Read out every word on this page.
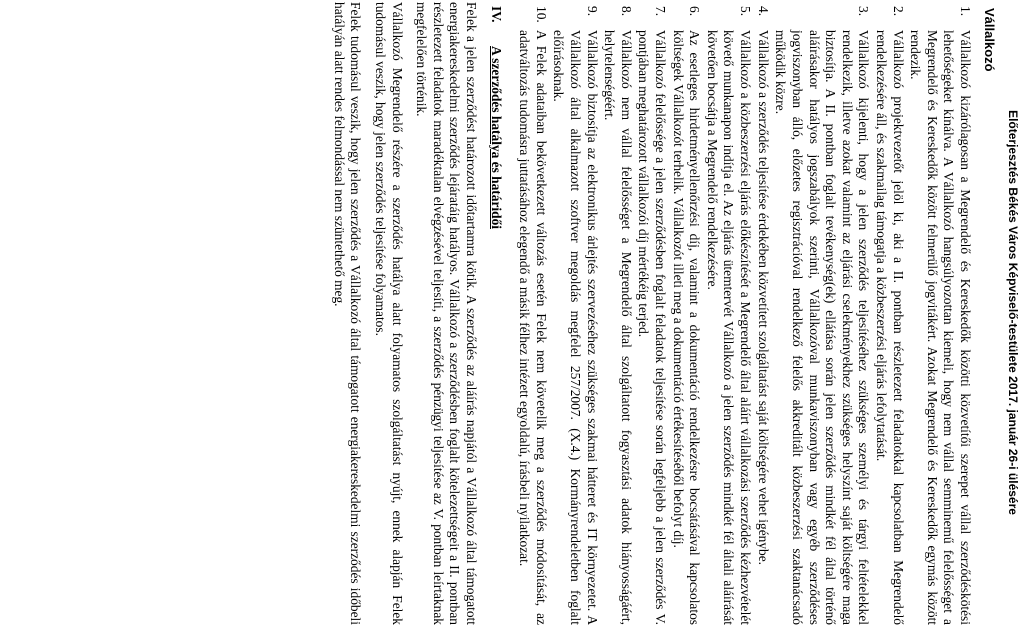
Előterjesztés Békés Város Képviselő-testülete 2017. január 26-i ülésére
Vállalkozó
1.
Vállalkozó kizárólagosan a Megrendelő és Kereskedők közötti közvetítői szerepet vállal szerződéskötési lehetőségeket kínálva. A Vállalkozó hangsúlyozottan kiemeli, hogy nem vállal semminemű felelősséget a Megrendelő és Kereskedők között felmerülő jogvitákért. Azokat Megrendelő és Kereskedők egymás között rendezik.
2.
Vállalkozó projektvezetőt jelöl ki, aki a II. pontban részletezett feladatokkal kapcsolatban Megrendelő rendelkezésére áll, és szakmailag támogatja a közbeszerzési eljárás lefolytatását.
3.
Vállalkozó kijelenti, hogy a jelen szerződés teljesítéséhez szükséges személyi és tárgyi feltételekkel rendelkezik, illetve azokat valamint az eljárási cselekményekhez szükséges helyszínt saját költségére maga biztosítja. A II. pontban foglalt tevékenység(ek) ellátása során jelen szerződés mindkét fél által történő aláírásakor hatályos jogszabályok szerinti, Vállalkozóval munkaviszonyban vagy egyéb szerződéses jogviszonyban álló, előzetes regisztrációval rendelkező felelős akkreditált közbeszerzési szaktanácsadó működik közre.
4.
Vállalkozó a szerződés teljesítése érdekében közvetített szolgáltatást saját költségére vehet igénybe.
5.
Vállalkozó a közbeszerzési eljárás előkészítését a Megrendelő által aláírt vállalkozási szerződés kézhezvételét követő munkanapon indítja el. Az eljárás ütemtervét Vállalkozó a jelen szerződés mindkét fél általi aláírását követően bocsátja a Megrendelő rendelkezésére.
6.
Az esetleges hirdetményellenőrzési díj, valamint a dokumentáció rendelkezésre bocsátásával kapcsolatos költségek Vállalkozót terhelik. Vállalkozót illeti meg a dokumentáció értékesítéséből befolyt díj.
7.
Vállalkozó felelőssége a jelen szerződésben foglalt feladatok teljesítése során legfeljebb a jelen szerződés V. pontjában meghatározott vállalkozói díj mértékéig terjed.
8.
Vállalkozó nem vállal felelősséget a Megrendelő által szolgáltatott fogyasztási adatok hiányosságáért, helytelenségéért.
9.
Vállalkozó biztosítja az elektronikus árlejtés szervezéséhez szükséges szakmai hátteret és IT környezetet. A Vállalkozó által alkalmazott szoftver megoldás megfelel 257/2007. (X.4.) Kormányrendeletben foglalt előírásoknak.
10.
A Felek adataiban bekövetkezett változás esetén Felek nem követelik meg a szerződés módosítását, az adatváltozás tudomásra juttatásához elegendő a másik félhez intézett egyoldalú, írásbeli nyilatkozat.
IV.
A szerződés hatálya és határidői

Felek a jelen szerződést határozott időtartamra kötik. A szerződés az aláírás napjától a Vállalkozó által támogatott energiakereskedelmi szerződés lejáratáig hatályos. Vállalkozó a szerződésben foglalt kötelezettségeit a II. pontban részletezett feladatok maradéktalan elvégzésével teljesíti, a szerződés pénzügyi teljesítése az V. pontban leírtaknak megfelelően történik.

Vállalkozó Megrendelő részére a szerződés hatálya alatt folyamatos szolgáltatást nyújt, ennek alapján Felek tudomásul veszik, hogy jelen szerződés teljesítése folyamatos.

Felek tudomásul veszik, hogy jelen szerződés a Vállalkozó által támogatott energiakereskedelmi szerződés időbeli hatályán alatt rendes felmondással nem szüntethető meg.
